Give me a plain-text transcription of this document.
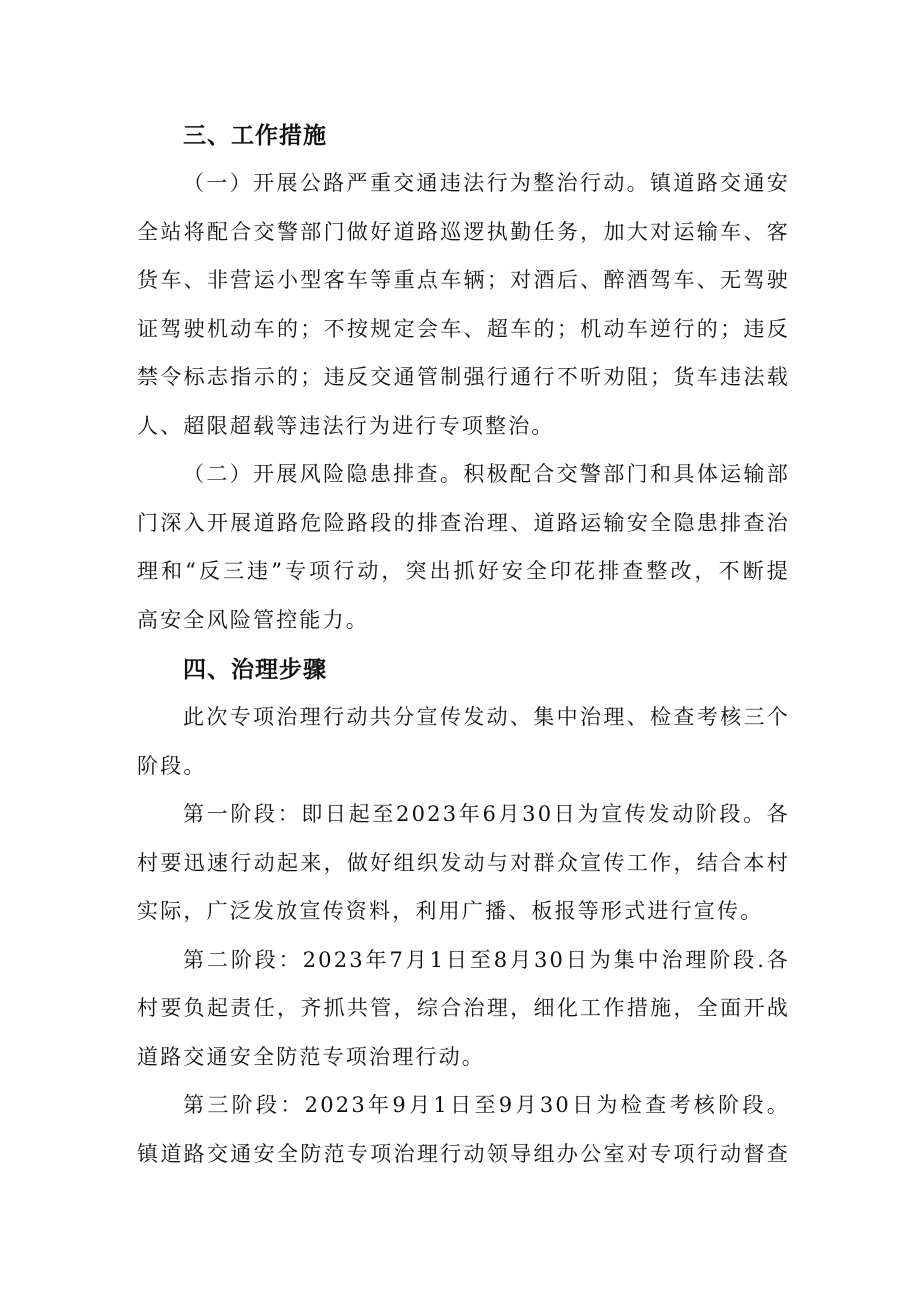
三、工作措施

（一）开展公路严重交通违法行为整治行动。镇道路交通安
全站将配合交警部门做好道路巡逻执勤任务，加大对运输车、客
货车、非营运小型客车等重点车辆；对酒后、醉酒驾车、无驾驶
证驾驶机动车的；不按规定会车、超车的；机动车逆行的；违反
禁令标志指示的；违反交通管制强行通行不听劝阻；货车违法载
人、超限超载等违法行为进行专项整治。

（二）开展风险隐患排查。积极配合交警部门和具体运输部
门深入开展道路危险路段的排查治理、道路运输安全隐患排查治
理和“反三违”专项行动，突出抓好安全印花排查整改，不断提
高安全风险管控能力。

四、治理步骤

此次专项治理行动共分宣传发动、集中治理、检查考核三个
阶段。

第一阶段：即日起至2023年6月30日为宣传发动阶段。各
村要迅速行动起来，做好组织发动与对群众宣传工作，结合本村
实际，广泛发放宣传资料，利用广播、板报等形式进行宣传。

第二阶段：2023年7月1日至8月30日为集中治理阶段.各
村要负起责任，齐抓共管，综合治理，细化工作措施，全面开战
道路交通安全防范专项治理行动。

第三阶段：2023年9月1日至9月30日为检查考核阶段。
镇道路交通安全防范专项治理行动领导组办公室对专项行动督查
